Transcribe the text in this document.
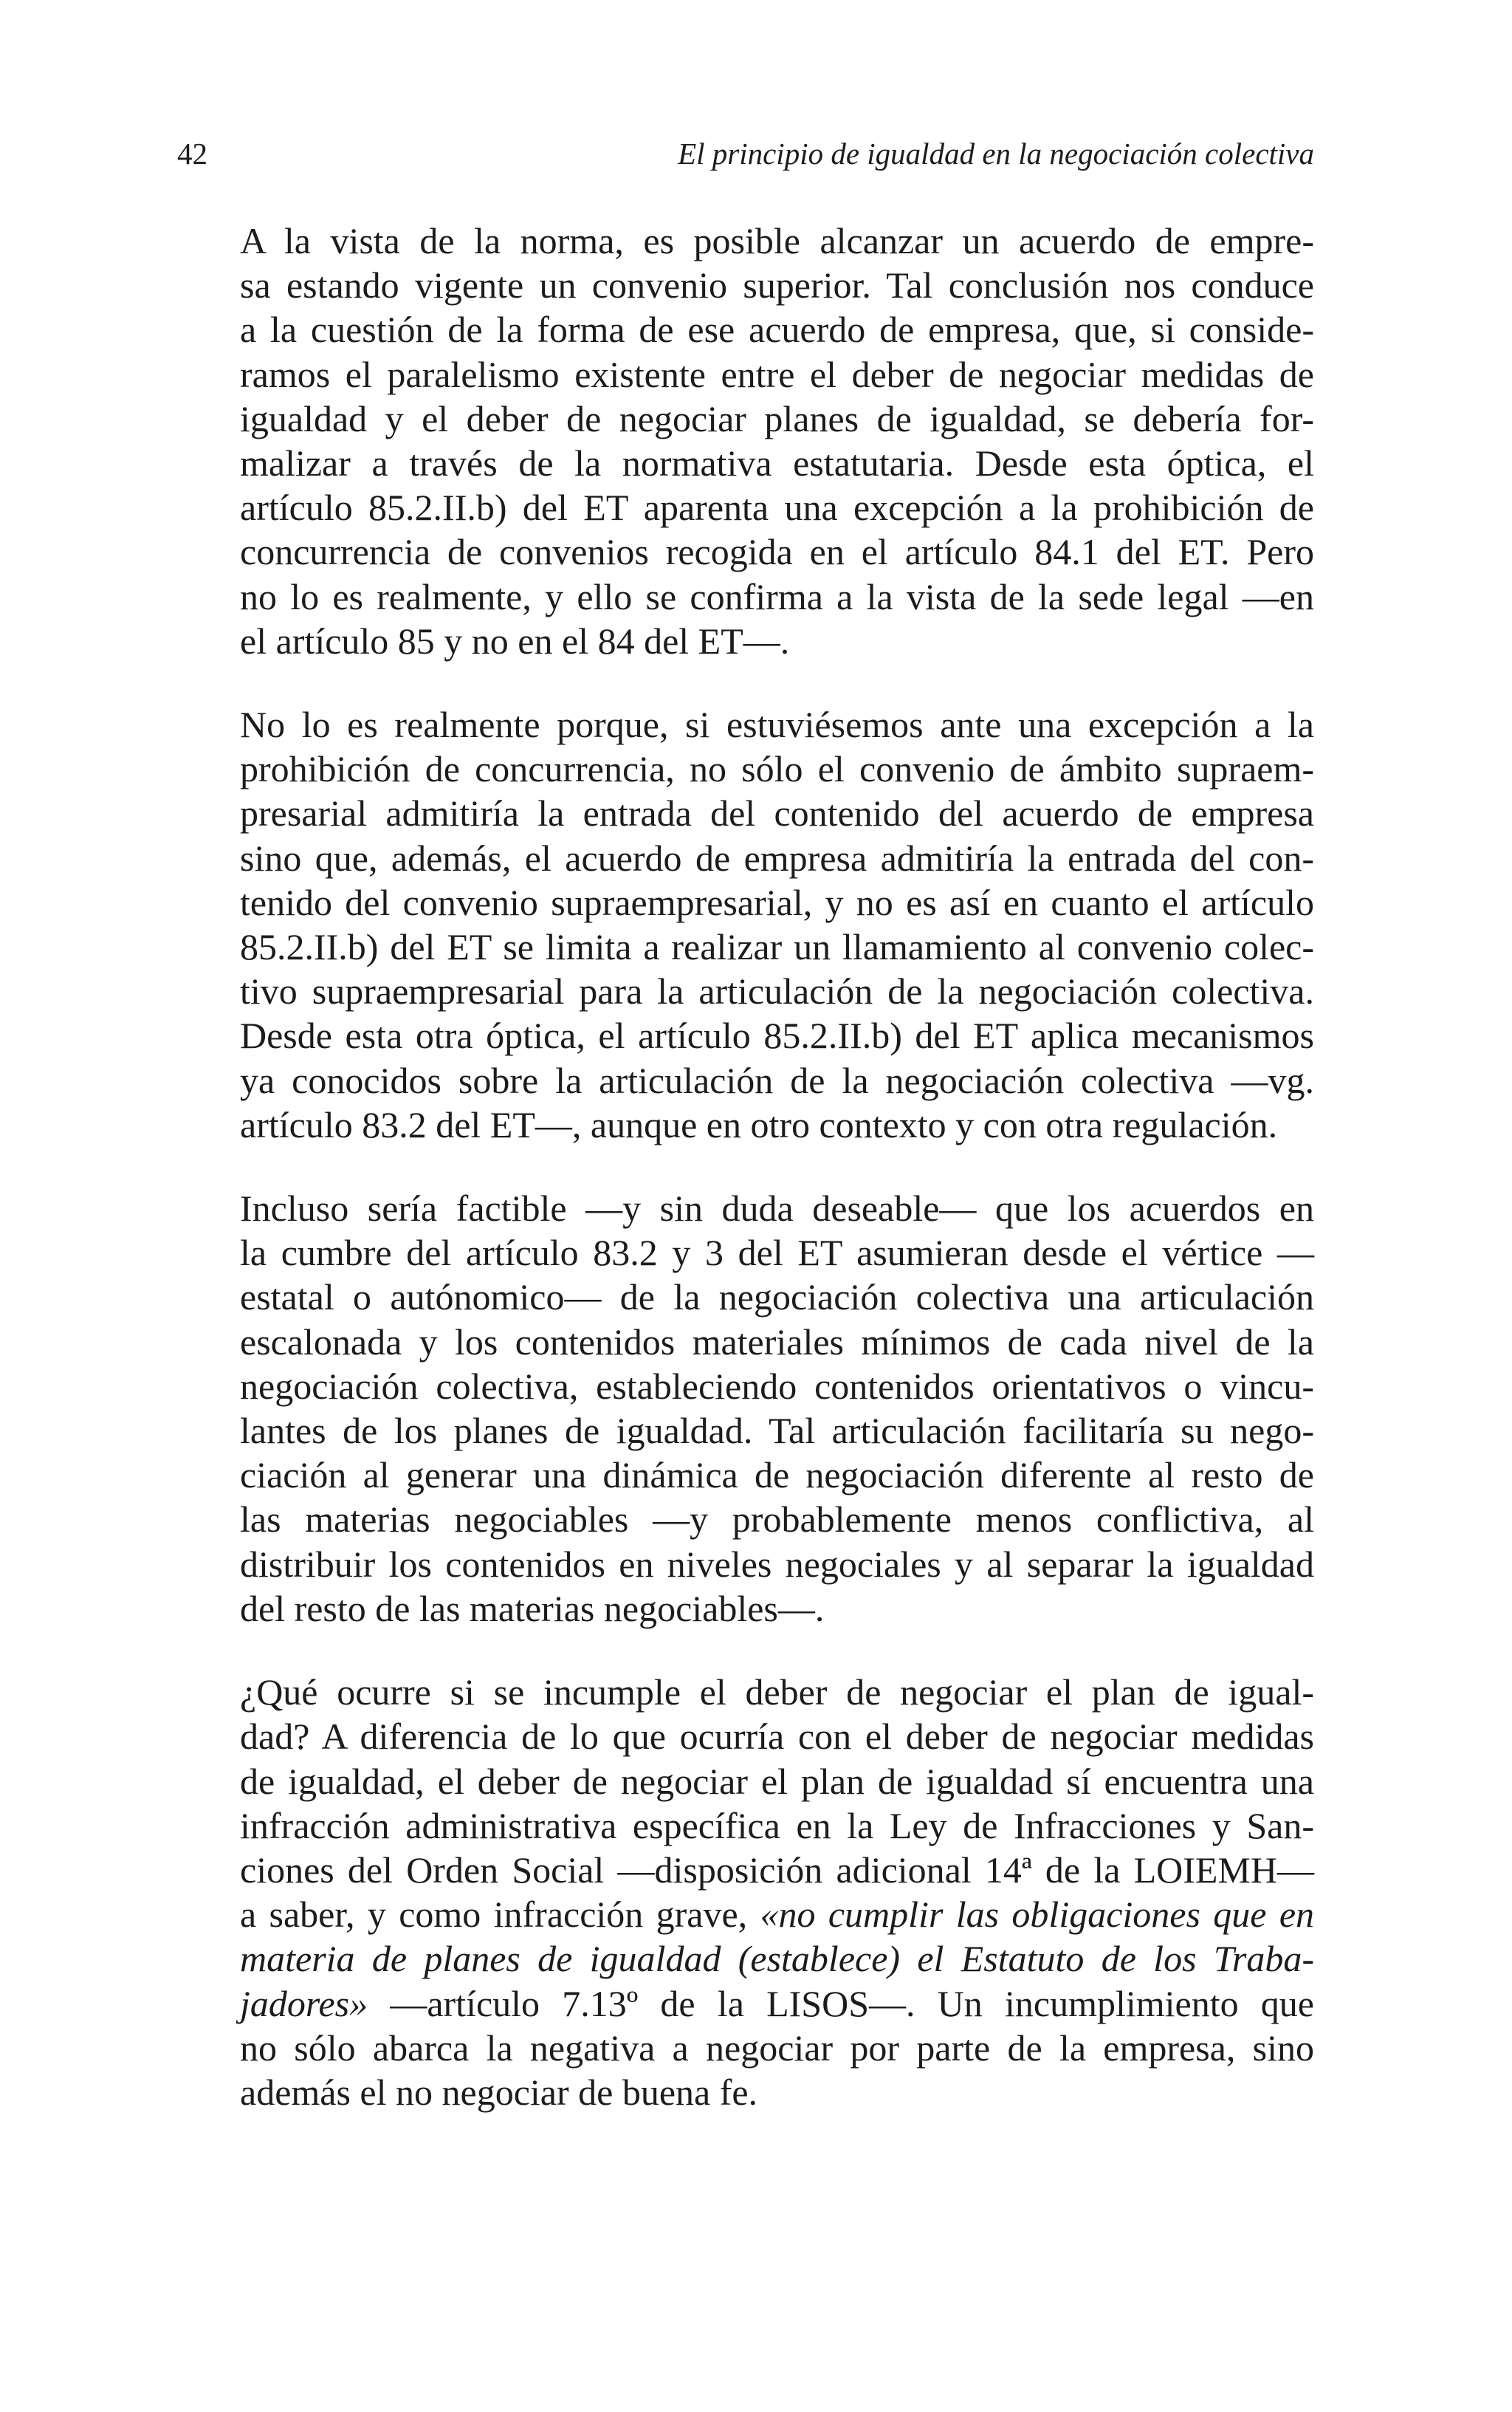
42	El principio de igualdad en la negociación colectiva

A la vista de la norma, es posible alcanzar un acuerdo de empre-
sa estando vigente un convenio superior. Tal conclusión nos conduce
a la cuestión de la forma de ese acuerdo de empresa, que, si conside-
ramos el paralelismo existente entre el deber de negociar medidas de
igualdad y el deber de negociar planes de igualdad, se debería for-
malizar a través de la normativa estatutaria. Desde esta óptica, el
artículo 85.2.II.b) del ET aparenta una excepción a la prohibición de
concurrencia de convenios recogida en el artículo 84.1 del ET. Pero
no lo es realmente, y ello se confirma a la vista de la sede legal —en
el artículo 85 y no en el 84 del ET—.

No lo es realmente porque, si estuviésemos ante una excepción a la
prohibición de concurrencia, no sólo el convenio de ámbito supraem-
presarial admitiría la entrada del contenido del acuerdo de empresa
sino que, además, el acuerdo de empresa admitiría la entrada del con-
tenido del convenio supraempresarial, y no es así en cuanto el artículo
85.2.II.b) del ET se limita a realizar un llamamiento al convenio colec-
tivo supraempresarial para la articulación de la negociación colectiva.
Desde esta otra óptica, el artículo 85.2.II.b) del ET aplica mecanismos
ya conocidos sobre la articulación de la negociación colectiva —vg.
artículo 83.2 del ET—, aunque en otro contexto y con otra regulación.

Incluso sería factible —y sin duda deseable— que los acuerdos en
la cumbre del artículo 83.2 y 3 del ET asumieran desde el vértice —
estatal o autónomico— de la negociación colectiva una articulación
escalonada y los contenidos materiales mínimos de cada nivel de la
negociación colectiva, estableciendo contenidos orientativos o vincu-
lantes de los planes de igualdad. Tal articulación facilitaría su nego-
ciación al generar una dinámica de negociación diferente al resto de
las materias negociables —y probablemente menos conflictiva, al
distribuir los contenidos en niveles negociales y al separar la igualdad
del resto de las materias negociables—.

¿Qué ocurre si se incumple el deber de negociar el plan de igual-
dad? A diferencia de lo que ocurría con el deber de negociar medidas
de igualdad, el deber de negociar el plan de igualdad sí encuentra una
infracción administrativa específica en la Ley de Infracciones y San-
ciones del Orden Social —disposición adicional 14ª de la LOIEMH—
a saber, y como infracción grave, «no cumplir las obligaciones que en
materia de planes de igualdad (establece) el Estatuto de los Traba-
jadores» —artículo 7.13º de la LISOS—. Un incumplimiento que
no sólo abarca la negativa a negociar por parte de la empresa, sino
además el no negociar de buena fe.
